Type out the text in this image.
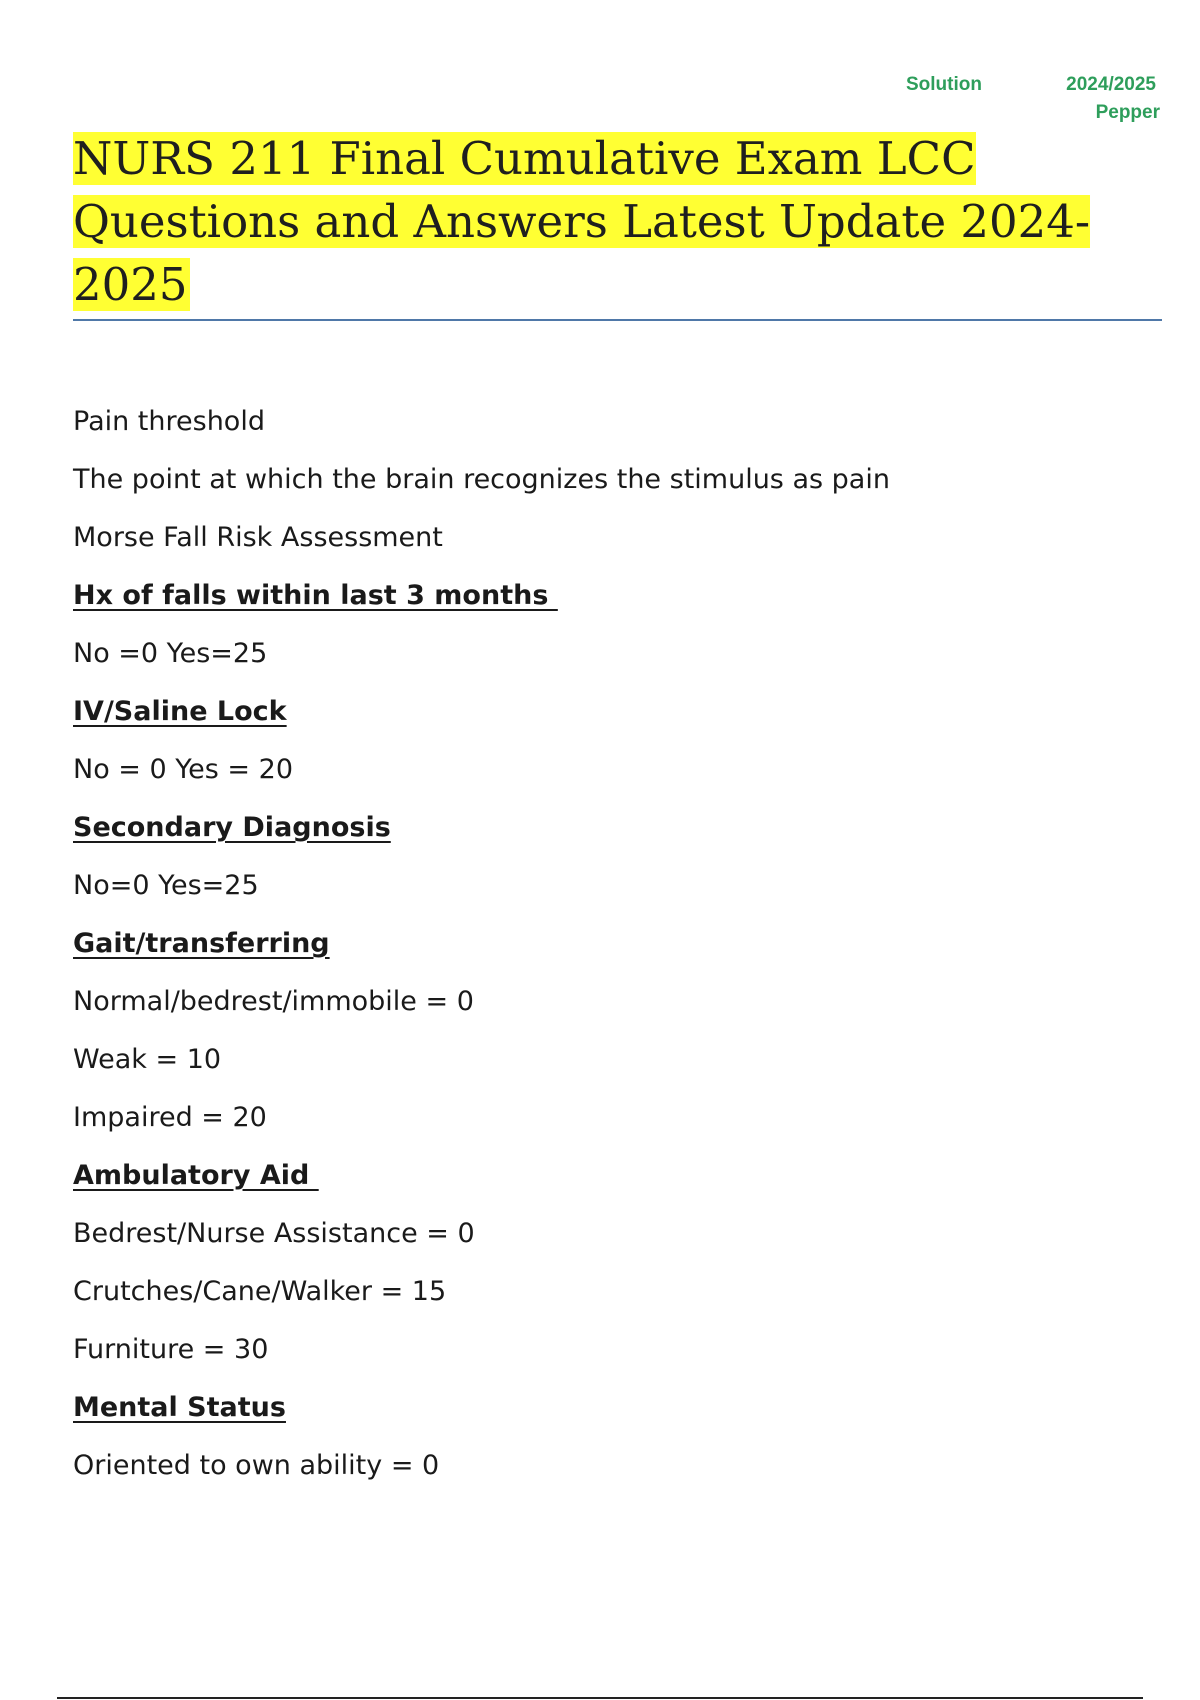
Solution	2024/2025
Pepper
NURS 211 Final Cumulative Exam LCC Questions and Answers Latest Update 2024-2025
Pain threshold
The point at which the brain recognizes the stimulus as pain
Morse Fall Risk Assessment
Hx of falls within last 3 months
No =0 Yes=25
IV/Saline Lock
No = 0 Yes = 20
Secondary Diagnosis
No=0 Yes=25
Gait/transferring
Normal/bedrest/immobile = 0
Weak = 10
Impaired = 20
Ambulatory Aid
Bedrest/Nurse Assistance = 0
Crutches/Cane/Walker = 15
Furniture = 30
Mental Status
Oriented to own ability = 0
